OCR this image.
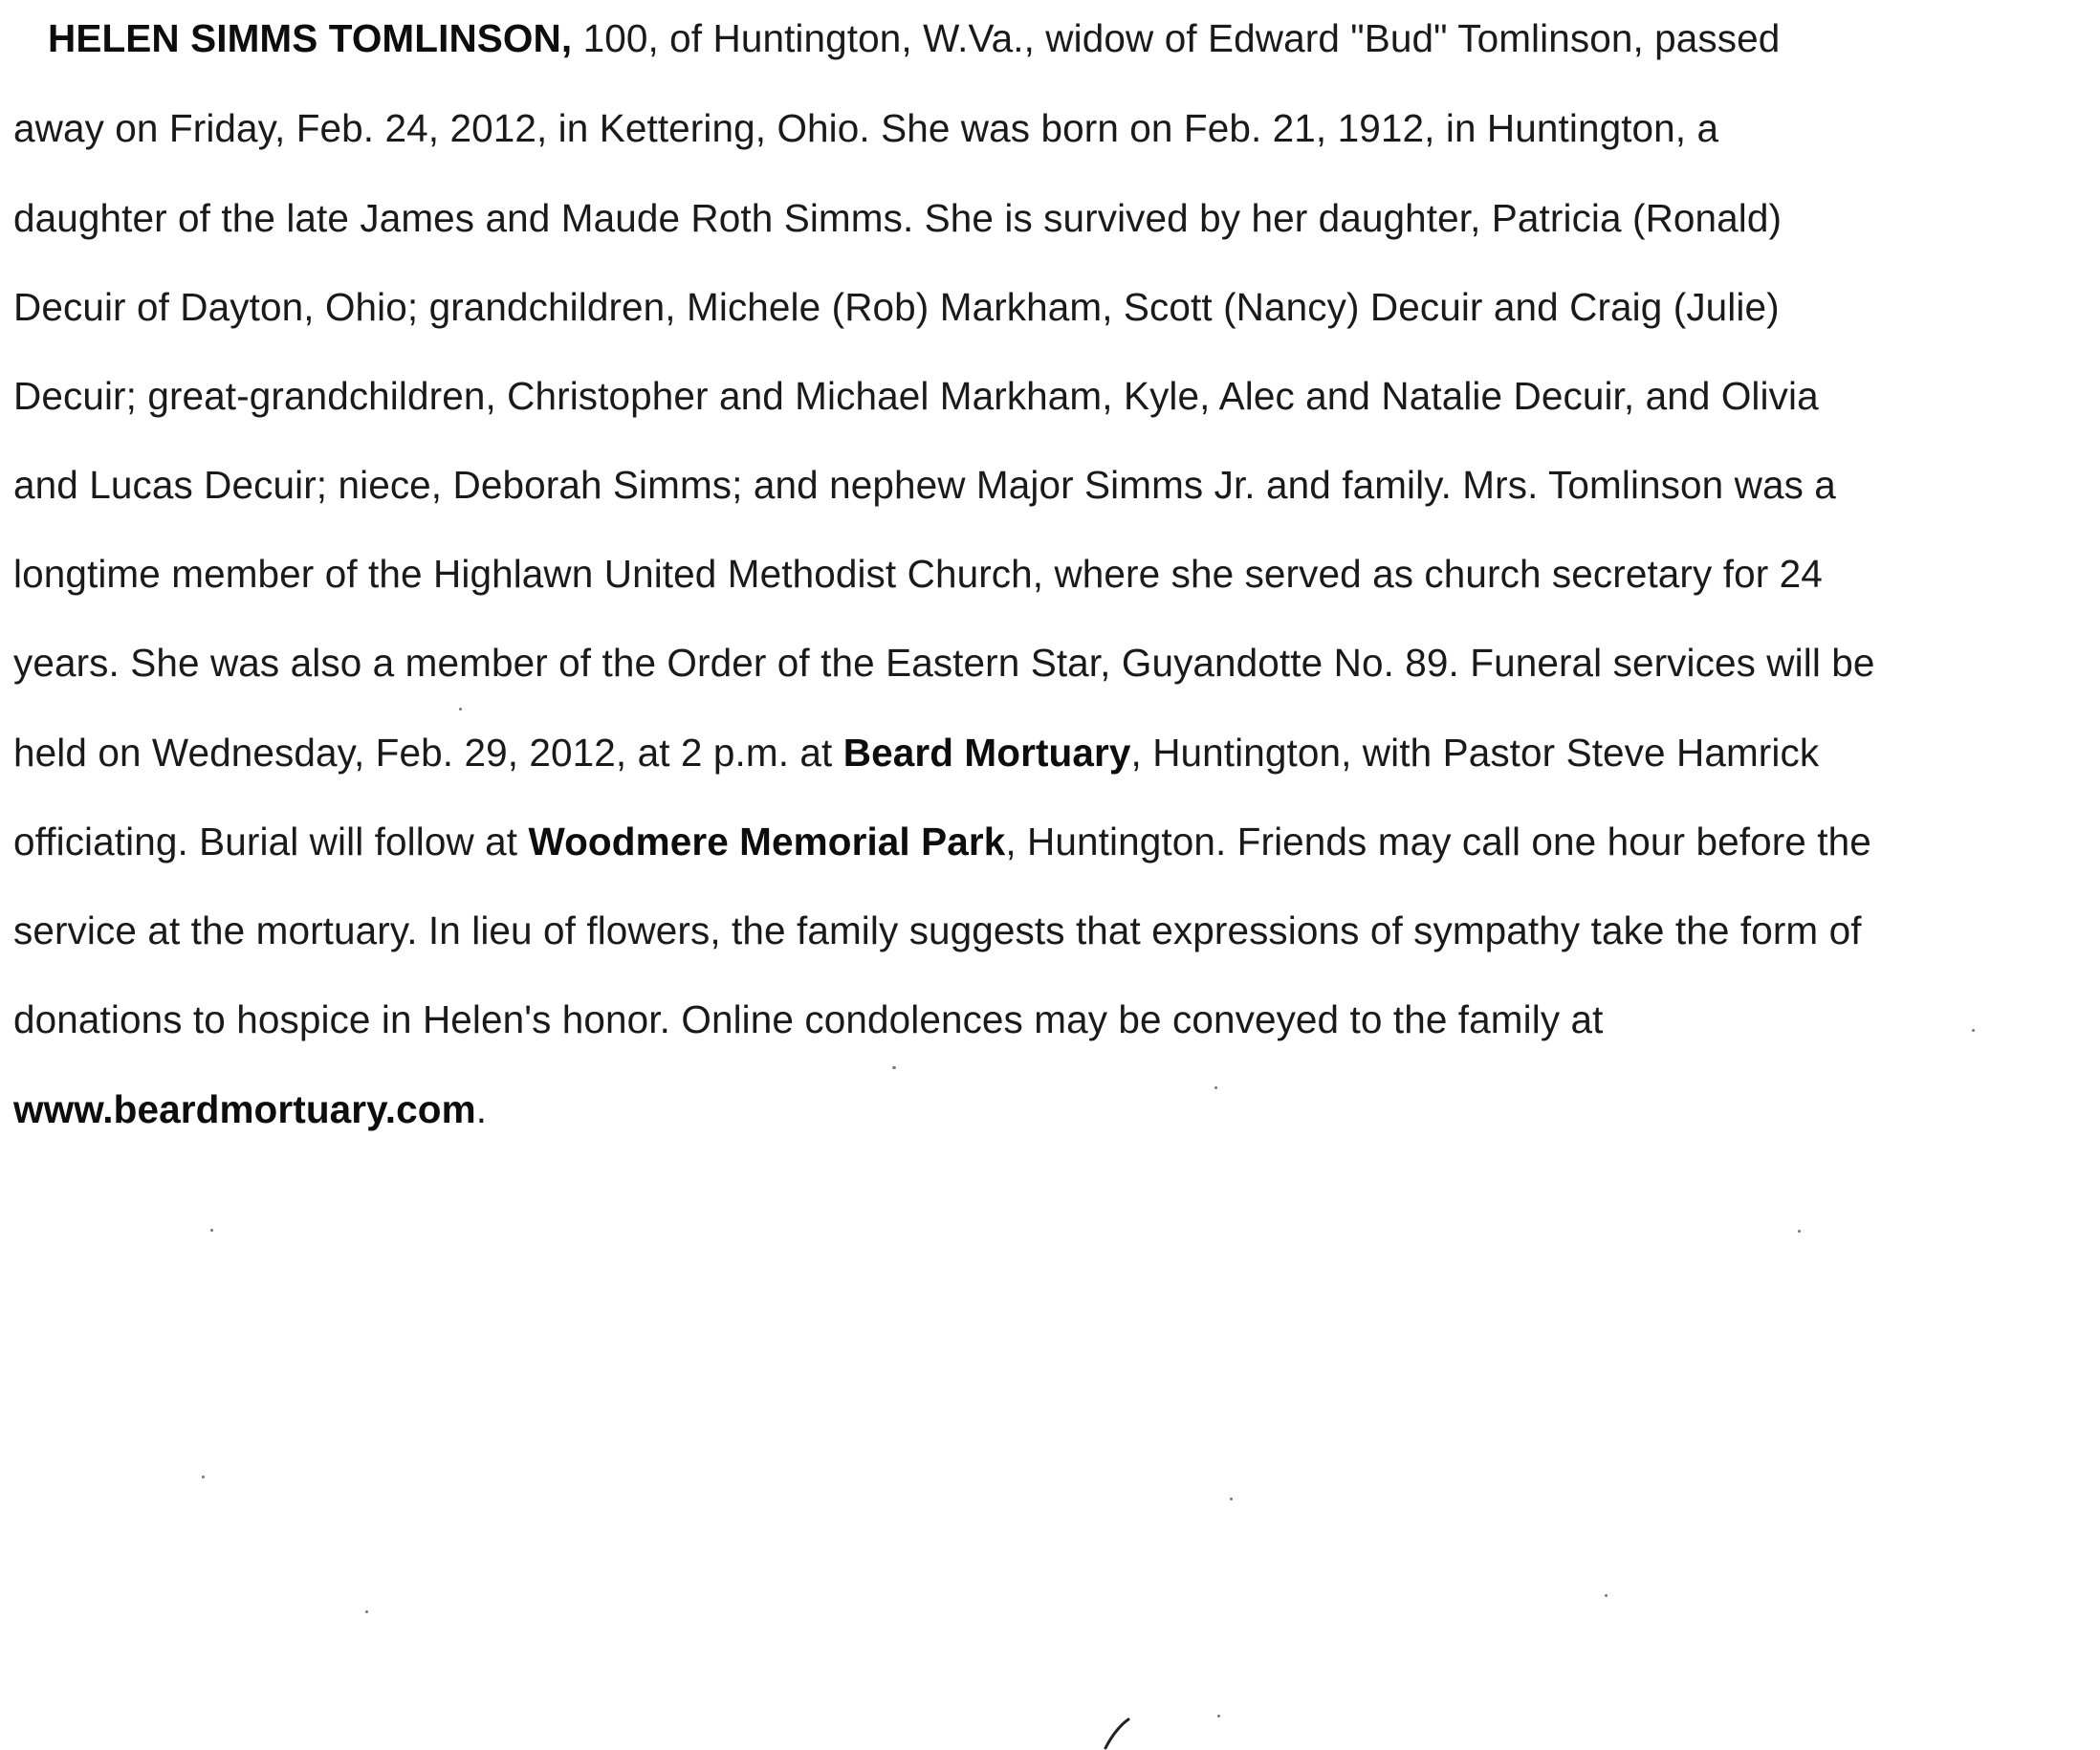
HELEN SIMMS TOMLINSON, 100, of Huntington, W.Va., widow of Edward "Bud" Tomlinson, passed
away on Friday, Feb. 24, 2012, in Kettering, Ohio. She was born on Feb. 21, 1912, in Huntington, a
daughter of the late James and Maude Roth Simms. She is survived by her daughter, Patricia (Ronald)
Decuir of Dayton, Ohio; grandchildren, Michele (Rob) Markham, Scott (Nancy) Decuir and Craig (Julie)
Decuir; great-grandchildren, Christopher and Michael Markham, Kyle, Alec and Natalie Decuir, and Olivia
and Lucas Decuir; niece, Deborah Simms; and nephew Major Simms Jr. and family. Mrs. Tomlinson was a
longtime member of the Highlawn United Methodist Church, where she served as church secretary for 24
years. She was also a member of the Order of the Eastern Star, Guyandotte No. 89. Funeral services will be
held on Wednesday, Feb. 29, 2012, at 2 p.m. at Beard Mortuary, Huntington, with Pastor Steve Hamrick
officiating. Burial will follow at Woodmere Memorial Park, Huntington. Friends may call one hour before the
service at the mortuary. In lieu of flowers, the family suggests that expressions of sympathy take the form of
donations to hospice in Helen's honor. Online condolences may be conveyed to the family at
www.beardmortuary.com.
